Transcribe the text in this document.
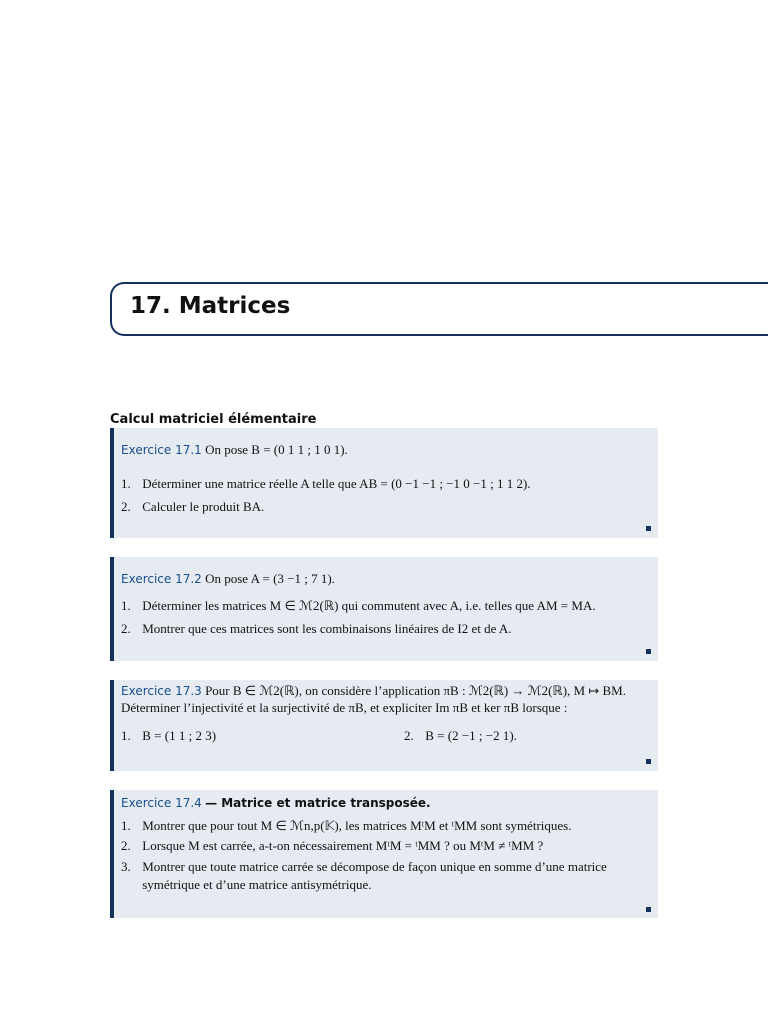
17. Matrices
Calcul matriciel élémentaire
Exercice 17.1 On pose B = (0 1 1 ; 1 0 1).
1. Déterminer une matrice réelle A telle que AB = (0 −1 −1 ; −1 0 −1 ; 1 1 2).
2. Calculer le produit BA.
Exercice 17.2 On pose A = (3 −1 ; 7 1).
1. Déterminer les matrices M ∈ ℳ2(ℝ) qui commutent avec A, i.e. telles que AM = MA.
2. Montrer que ces matrices sont les combinaisons linéaires de I2 et de A.
Exercice 17.3 Pour B ∈ ℳ2(ℝ), on considère l’application πB : ℳ2(ℝ) → ℳ2(ℝ), M ↦ BM.
Déterminer l’injectivité et la surjectivité de πB, et expliciter Im πB et ker πB lorsque :
1. B = (1 1 ; 2 3)	2. B = (2 −1 ; −2 1).
Exercice 17.4 — Matrice et matrice transposée.
1. Montrer que pour tout M ∈ ℳn,p(𝕂), les matrices MᵗM et ᵗMM sont symétriques.
2. Lorsque M est carrée, a-t-on nécessairement MᵗM = ᵗMM ? ou MᵗM ≠ ᵗMM ?
3. Montrer que toute matrice carrée se décompose de façon unique en somme d’une matrice
symétrique et d’une matrice antisymétrique.
